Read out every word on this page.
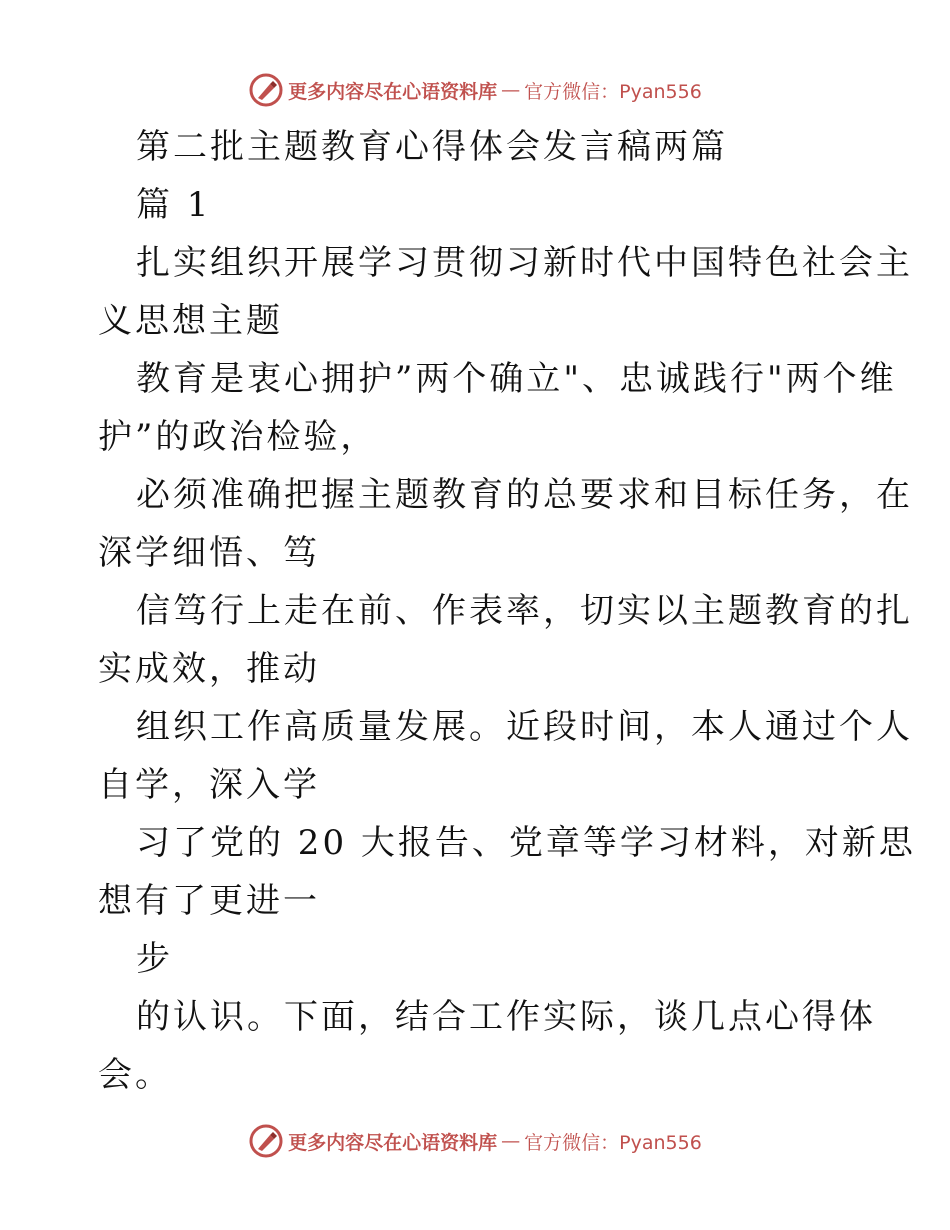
更多内容尽在心语资料库 — 官方微信：Pyan556
第二批主题教育心得体会发言稿两篇
篇 1
扎实组织开展学习贯彻习新时代中国特色社会主
义思想主题
教育是衷心拥护”两个确立"、忠诚践行"两个维
护”的政治检验，
必须准确把握主题教育的总要求和目标任务，在
深学细悟、笃
信笃行上走在前、作表率，切实以主题教育的扎
实成效，推动
组织工作高质量发展。近段时间，本人通过个人
自学，深入学
习了党的 20 大报告、党章等学习材料，对新思
想有了更进一
步
的认识。下面，结合工作实际，谈几点心得体
会。
更多内容尽在心语资料库 — 官方微信：Pyan556
